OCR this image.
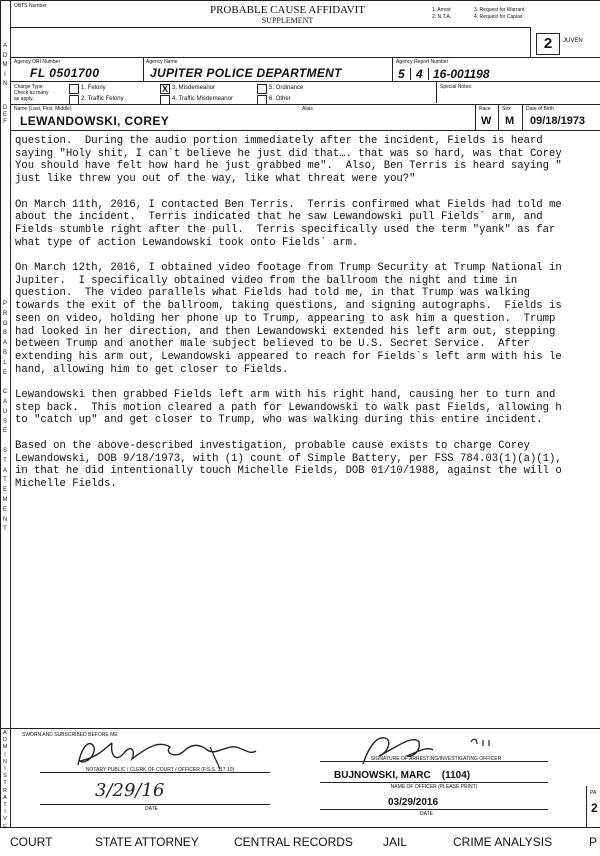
OBTS Number	PROBABLE CAUSE AFFIDAVIT
SUPPLEMENT
1. Arrest
2. N.T.A.
3. Request for Warrant
4. Request for Capias
2	JUVEN
A
D
M
I
N
Agency ORI Number
FL 0501700
Agency Name
JUPITER POLICE DEPARTMENT
Agency Report Number
5 4 16-001198
Charge Type:
Check as many
as apply.
1. Felony
2. Traffic Felony
X 3. Misdemeanor
4. Traffic Misdemeanor
5. Ordinance
6. Other
Special Notes:
D
E
F
Name (Last, First, Middle)	Alias	Race Sex	Date of Birth
LEWANDOWSKI, COREY	W M 09/18/1973
P
R
O
B
A
B
L
E

C
A
U
S
E

S
T
A
T
E
M
E
N
T
question.  During the audio portion immediately after the incident, Fields is heard
saying "Holy shit, I can`t believe he just did that…. that was so hard, was that Corey
You should have felt how hard he just grabbed me".  Also, Ben Terris is heard saying "
just like threw you out of the way, like what threat were you?"

On March 11th, 2016, I contacted Ben Terris.  Terris confirmed what Fields had told me
about the incident.  Terris indicated that he saw Lewandowski pull Fields` arm, and
Fields stumble right after the pull.  Terris specifically used the term "yank" as far
what type of action Lewandowski took onto Fields` arm.

On March 12th, 2016, I obtained video footage from Trump Security at Trump National in
Jupiter.  I specifically obtained video from the ballroom the night and time in
question.  The video parallels what Fields had told me, in that Trump was walking
towards the exit of the ballroom, taking questions, and signing autographs.  Fields is
seen on video, holding her phone up to Trump, appearing to ask him a question.  Trump
had looked in her direction, and then Lewandowski extended his left arm out, stepping
between Trump and another male subject believed to be U.S. Secret Service.  After
extending his arm out, Lewandowski appeared to reach for Fields`s left arm with his le
hand, allowing him to get closer to Fields.

Lewandowski then grabbed Fields left arm with his right hand, causing her to turn and
step back.  This motion cleared a path for Lewandowski to walk past Fields, allowing h
to "catch up" and get closer to Trump, who was walking during this entire incident.

Based on the above-described investigation, probable cause exists to charge Corey
Lewandowski, DOB 9/18/1973, with (1) count of Simple Battery, per FSS 784.03(1)(a)(1),
in that he did intentionally touch Michelle Fields, DOB 01/10/1988, against the will o
Michelle Fields.
A
D
M
I
N
I
S
T
R
A
T
I
V
E
SWORN AND SUBSCRIBED BEFORE ME
NOTARY PUBLIC / CLERK OF COURT / OFFICER (F.S.S. 117.10)
3/29/16
DATE
SIGNATURE OF ARRESTING/INVESTIGATING OFFICER
BUJNOWSKI, MARC    (1104)
NAME OF OFFICER (PLEASE PRINT)
03/29/2016
DATE
PA
2
COURT	STATE ATTORNEY	CENTRAL RECORDS	JAIL	CRIME ANALYSIS	P
